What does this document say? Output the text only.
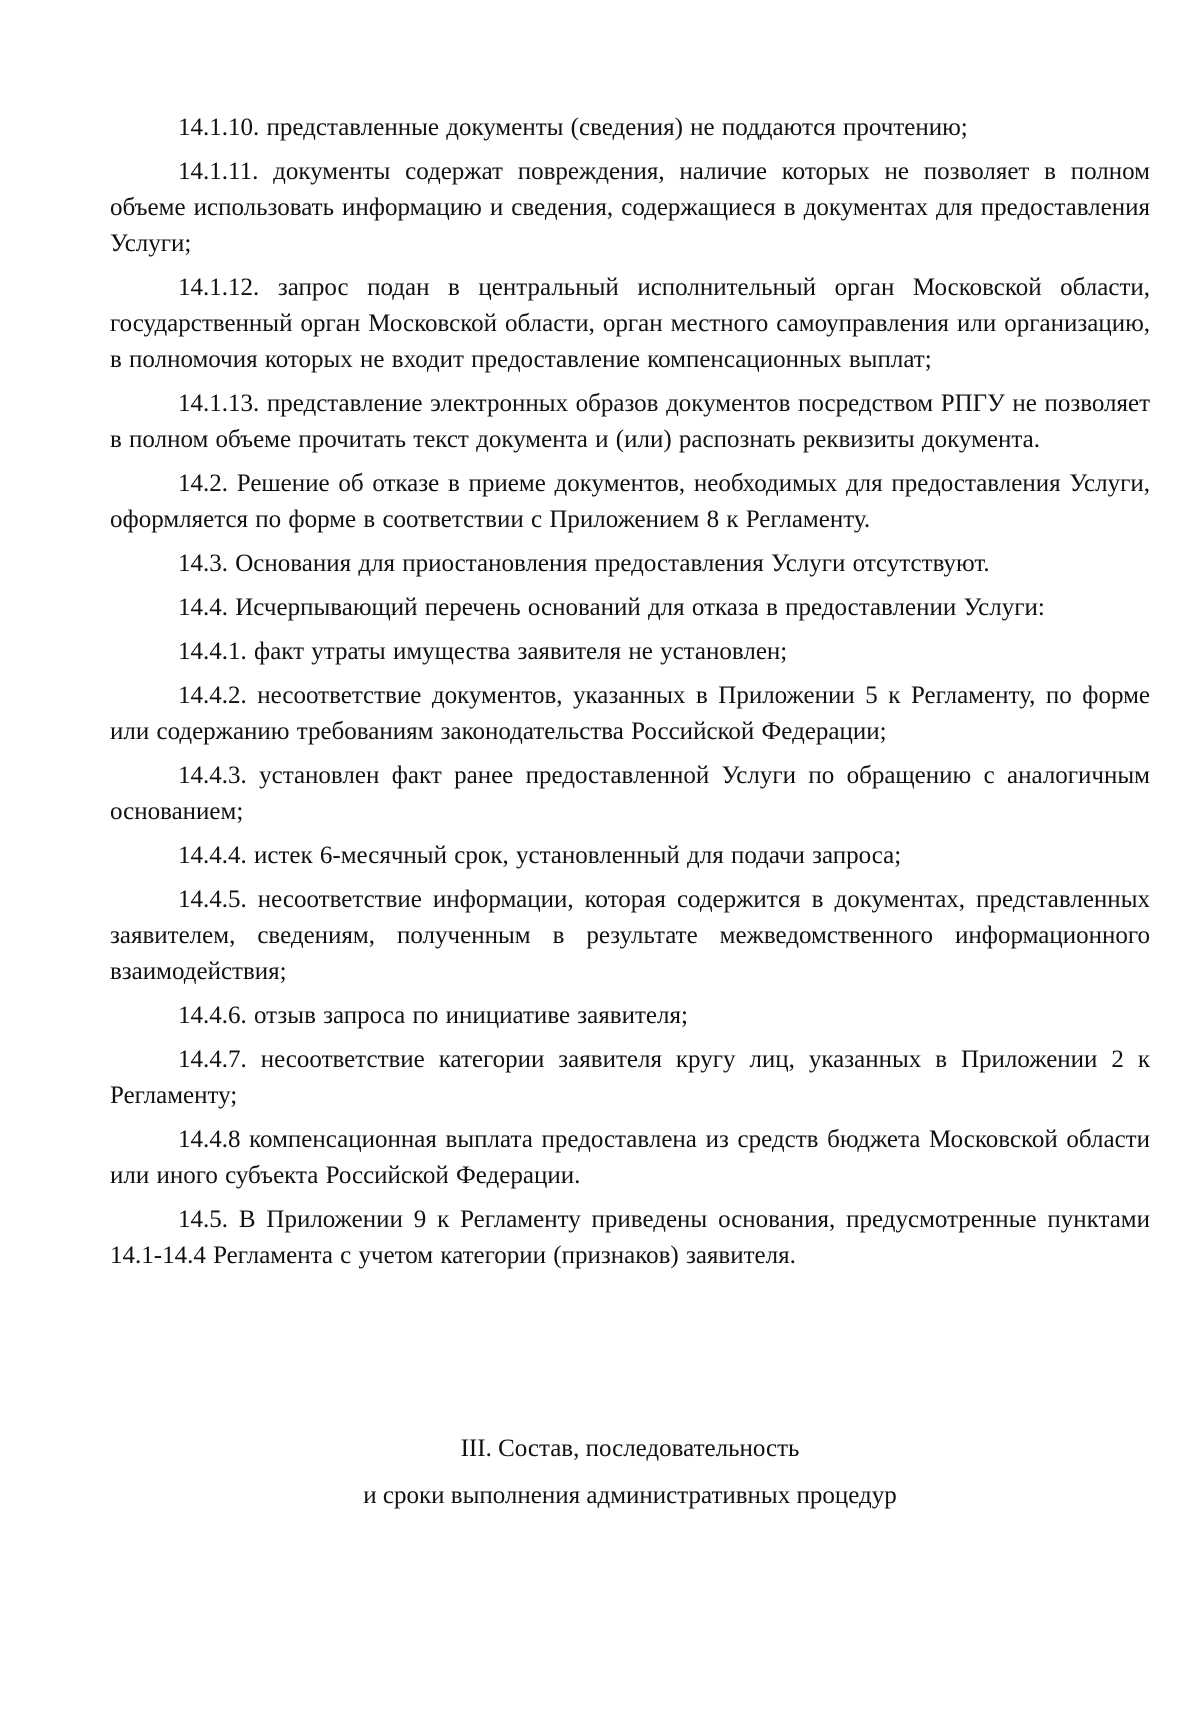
14.1.10. представленные документы (сведения) не поддаются прочтению;

14.1.11. документы содержат повреждения, наличие которых не позволяет в полном объеме использовать информацию и сведения, содержащиеся в документах для предоставления Услуги;

14.1.12. запрос подан в центральный исполнительный орган Московской области, государственный орган Московской области, орган местного самоуправления или организацию, в полномочия которых не входит предоставление компенсационных выплат;

14.1.13. представление электронных образов документов посредством РПГУ не позволяет в полном объеме прочитать текст документа и (или) распознать реквизиты документа.

14.2. Решение об отказе в приеме документов, необходимых для предоставления Услуги, оформляется по форме в соответствии с Приложением 8 к Регламенту.

14.3. Основания для приостановления предоставления Услуги отсутствуют.

14.4. Исчерпывающий перечень оснований для отказа в предоставлении Услуги:

14.4.1. факт утраты имущества заявителя не установлен;

14.4.2. несоответствие документов, указанных в Приложении 5 к Регламенту, по форме или содержанию требованиям законодательства Российской Федерации;

14.4.3. установлен факт ранее предоставленной Услуги по обращению с аналогичным основанием;

14.4.4. истек 6-месячный срок, установленный для подачи запроса;

14.4.5. несоответствие информации, которая содержится в документах, представленных заявителем, сведениям, полученным в результате межведомственного информационного взаимодействия;

14.4.6. отзыв запроса по инициативе заявителя;

14.4.7. несоответствие категории заявителя кругу лиц, указанных в Приложении 2 к Регламенту;

14.4.8 компенсационная выплата предоставлена из средств бюджета Московской области или иного субъекта Российской Федерации.

14.5. В Приложении 9 к Регламенту приведены основания, предусмотренные пунктами 14.1-14.4 Регламента с учетом категории (признаков) заявителя.

III. Состав, последовательность
и сроки выполнения административных процедур
